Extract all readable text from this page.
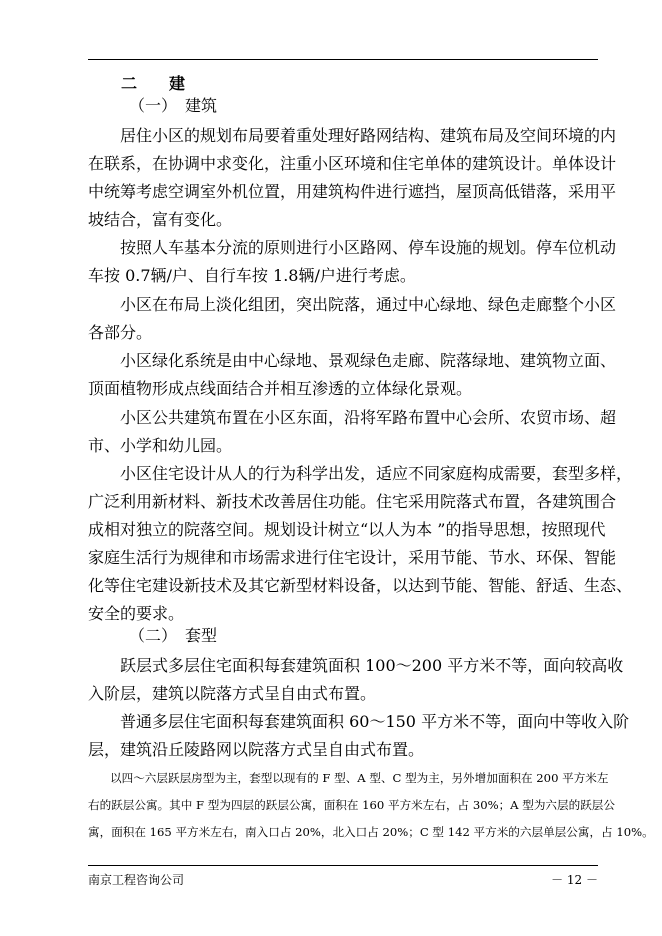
二　　建
（一）　建筑
居住小区的规划布局要着重处理好路网结构、建筑布局及空间环境的内
在联系，在协调中求变化，注重小区环境和住宅单体的建筑设计。单体设计
中统筹考虑空调室外机位置，用建筑构件进行遮挡，屋顶高低错落，采用平
坡结合，富有变化。
按照人车基本分流的原则进行小区路网、停车设施的规划。停车位机动
车按 0.7辆/户、自行车按 1.8辆/户进行考虑。
小区在布局上淡化组团，突出院落，通过中心绿地、绿色走廊整个小区
各部分。
小区绿化系统是由中心绿地、景观绿色走廊、院落绿地、建筑物立面、
顶面植物形成点线面结合并相互渗透的立体绿化景观。
小区公共建筑布置在小区东面，沿将军路布置中心会所、农贸市场、超
市、小学和幼儿园。
小区住宅设计从人的行为科学出发，适应不同家庭构成需要，套型多样，
广泛利用新材料、新技术改善居住功能。住宅采用院落式布置，各建筑围合
成相对独立的院落空间。规划设计树立“以人为本 ”的指导思想，按照现代
家庭生活行为规律和市场需求进行住宅设计，采用节能、节水、环保、智能
化等住宅建设新技术及其它新型材料设备，以达到节能、智能、舒适、生态、
安全的要求。
（二）　套型
跃层式多层住宅面积每套建筑面积 100～200 平方米不等，面向较高收
入阶层，建筑以院落方式呈自由式布置。
普通多层住宅面积每套建筑面积 60～150 平方米不等，面向中等收入阶
层，建筑沿丘陵路网以院落方式呈自由式布置。
以四～六层跃层房型为主，套型以现有的 F 型、A 型、C 型为主，另外增加面积在 200 平方米左
右的跃层公寓。其中 F 型为四层的跃层公寓，面积在 160 平方米左右，占 30%；A 型为六层的跃层公
寓，面积在 165 平方米左右，南入口占 20%，北入口占 20%；C 型 142 平方米的六层单层公寓，占 10%。
南京工程咨询公司	－ 12 －
